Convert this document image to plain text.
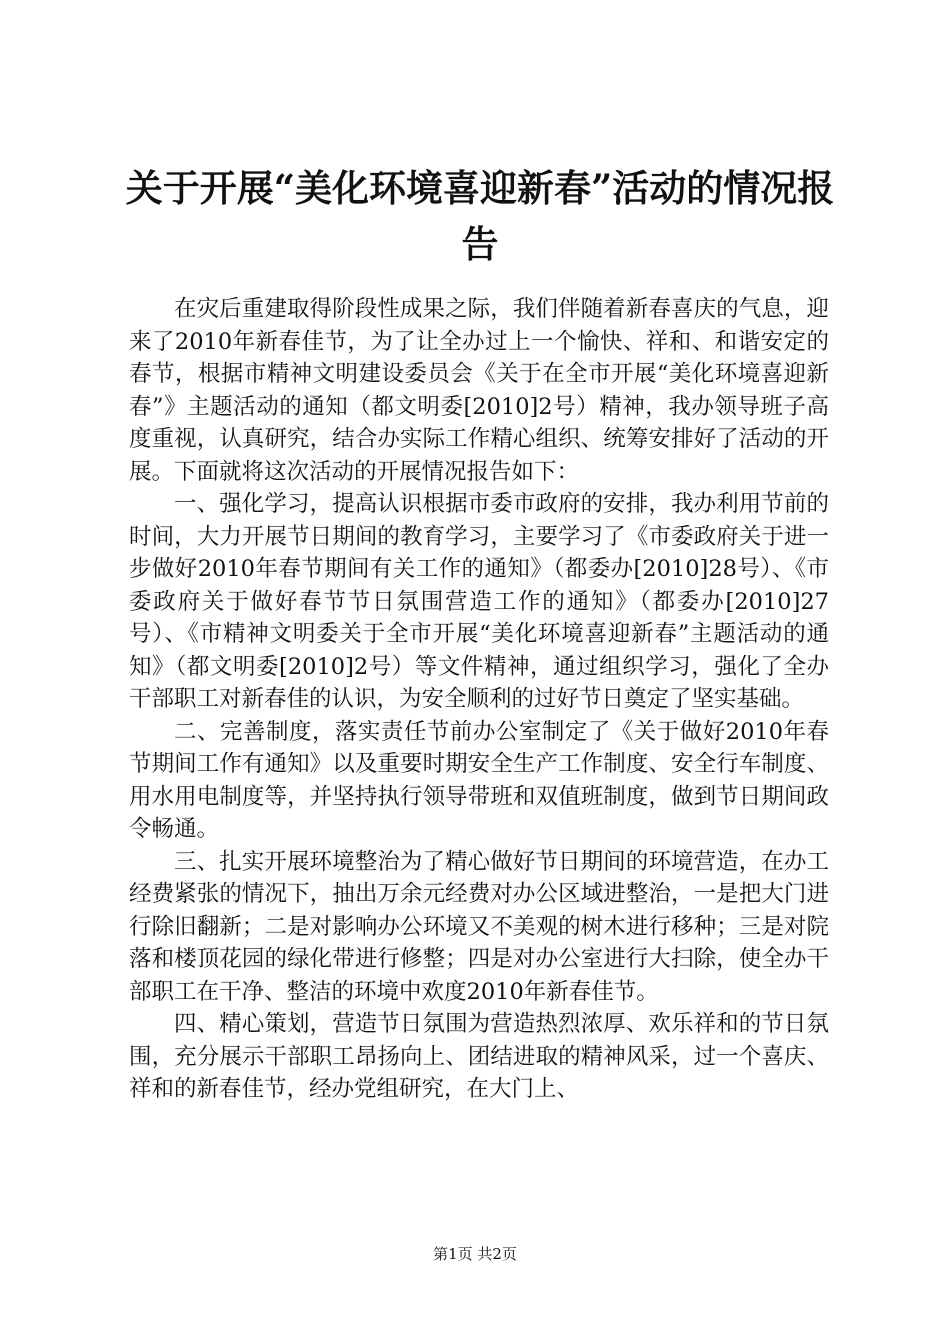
关于开展“美化环境喜迎新春”活动的情况报告

在灾后重建取得阶段性成果之际，我们伴随着新春喜庆的气息，迎来了2010年新春佳节，为了让全办过上一个愉快、祥和、和谐安定的春节，根据市精神文明建设委员会《关于在全市开展“美化环境喜迎新春”》主题活动的通知（都文明委[2010]2号）精神，我办领导班子高度重视，认真研究，结合办实际工作精心组织、统筹安排好了活动的开展。下面就将这次活动的开展情况报告如下：

一、强化学习，提高认识根据市委市政府的安排，我办利用节前的时间，大力开展节日期间的教育学习，主要学习了《市委政府关于进一步做好2010年春节期间有关工作的通知》（都委办[2010]28号）、《市委政府关于做好春节节日氛围营造工作的通知》（都委办[2010]27号）、《市精神文明委关于全市开展“美化环境喜迎新春”主题活动的通知》（都文明委[2010]2号）等文件精神，通过组织学习，强化了全办干部职工对新春佳的认识，为安全顺利的过好节日奠定了坚实基础。

二、完善制度，落实责任节前办公室制定了《关于做好2010年春节期间工作有通知》以及重要时期安全生产工作制度、安全行车制度、用水用电制度等，并坚持执行领导带班和双值班制度，做到节日期间政令畅通。

三、扎实开展环境整治为了精心做好节日期间的环境营造，在办工经费紧张的情况下，抽出万余元经费对办公区域进整治，一是把大门进行除旧翻新；二是对影响办公环境又不美观的树木进行移种；三是对院落和楼顶花园的绿化带进行修整；四是对办公室进行大扫除，使全办干部职工在干净、整洁的环境中欢度2010年新春佳节。

四、精心策划，营造节日氛围为营造热烈浓厚、欢乐祥和的节日氛围，充分展示干部职工昂扬向上、团结进取的精神风采，过一个喜庆、祥和的新春佳节，经办党组研究，在大门上、

第1页 共2页
